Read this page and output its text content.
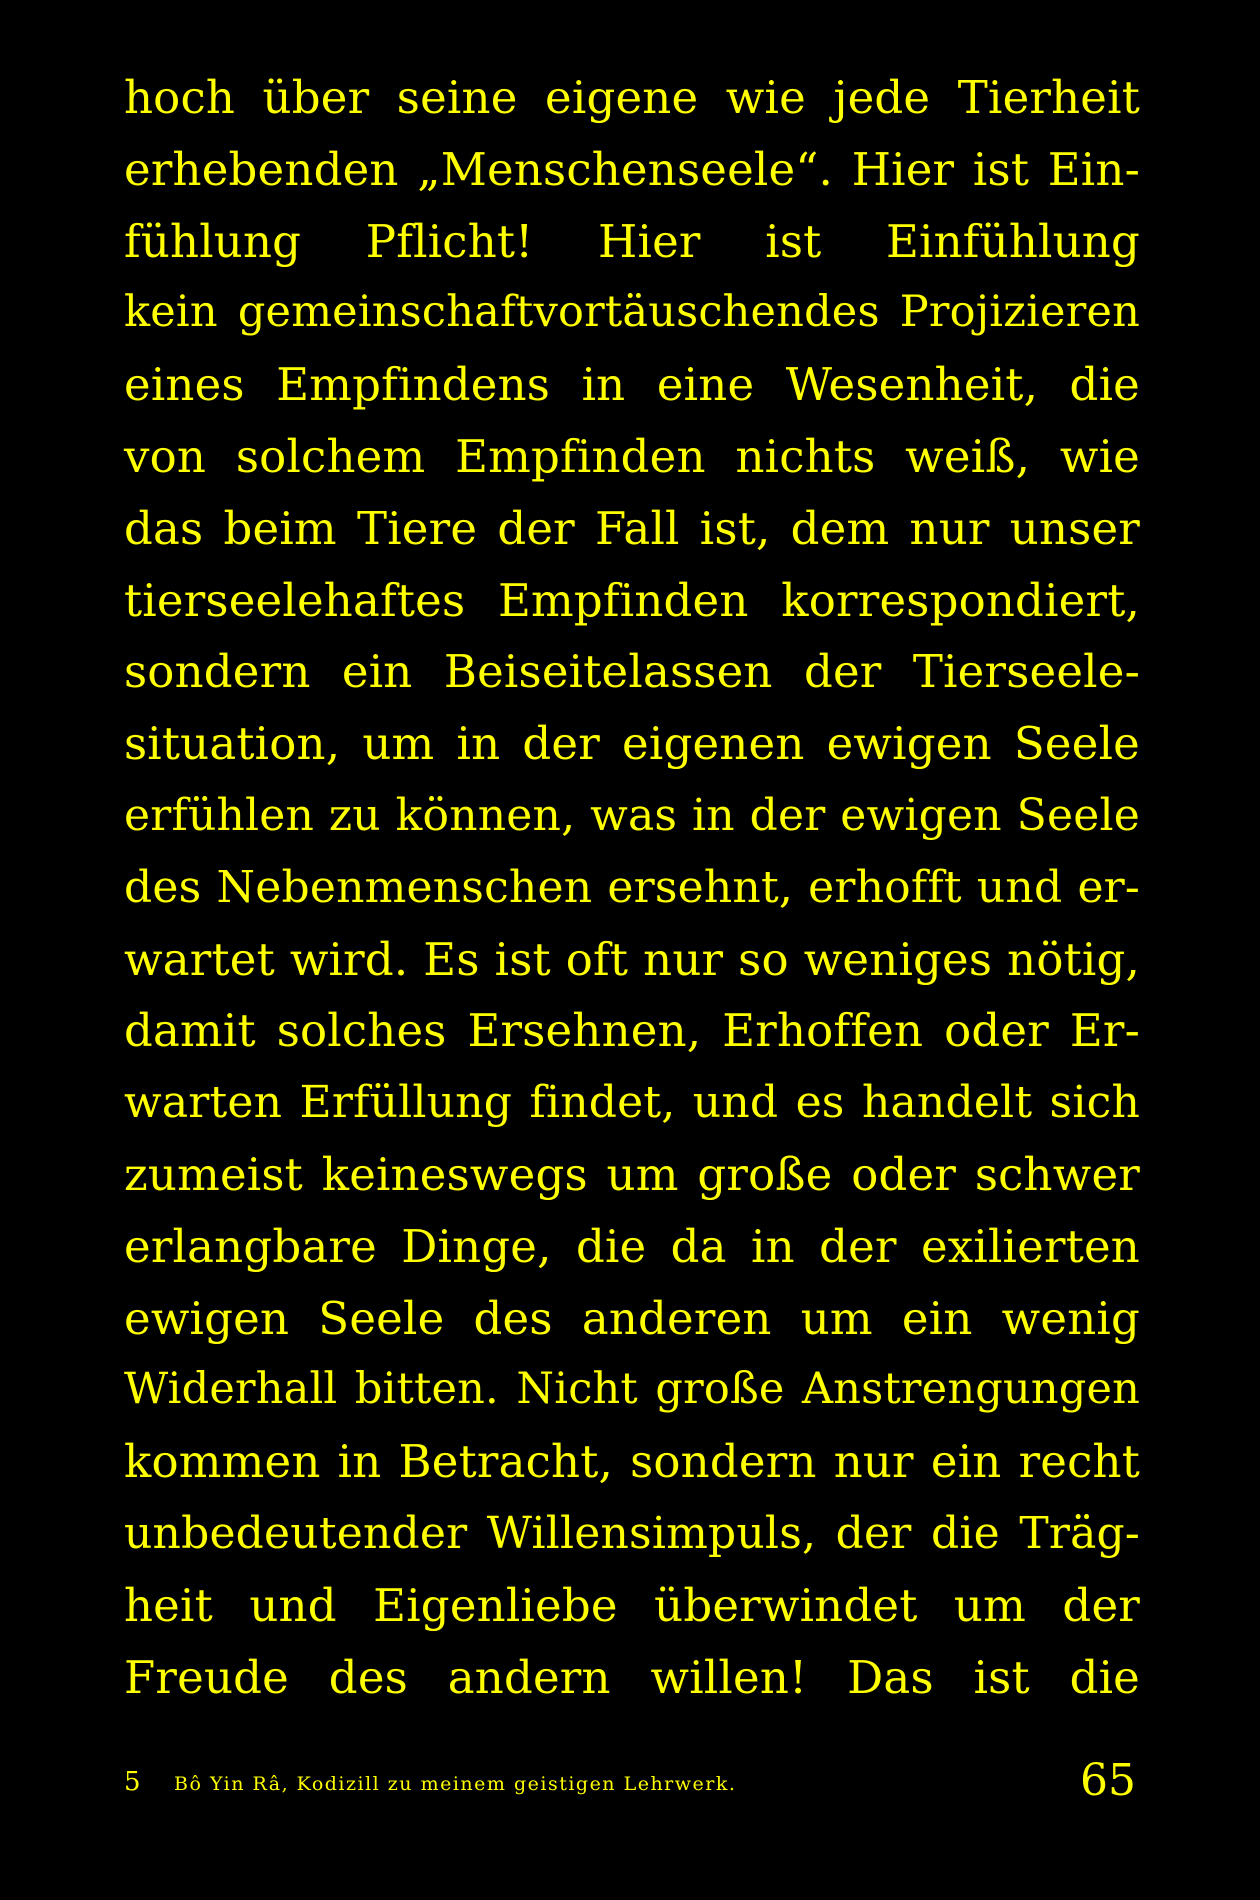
hoch über seine eigene wie jede Tierheit
erhebenden „Menschenseele“. Hier ist Ein-
fühlung Pflicht! Hier ist Einfühlung
kein gemeinschaftvortäuschendes Projizieren
eines Empfindens in eine Wesenheit, die
von solchem Empfinden nichts weiß, wie
das beim Tiere der Fall ist, dem nur unser
tierseelehaftes Empfinden korrespondiert,
sondern ein Beiseitelassen der Tierseele-
situation, um in der eigenen ewigen Seele
erfühlen zu können, was in der ewigen Seele
des Nebenmenschen ersehnt, erhofft und er-
wartet wird. Es ist oft nur so weniges nötig,
damit solches Ersehnen, Erhoffen oder Er-
warten Erfüllung findet, und es handelt sich
zumeist keineswegs um große oder schwer
erlangbare Dinge, die da in der exilierten
ewigen Seele des anderen um ein wenig
Widerhall bitten. Nicht große Anstrengungen
kommen in Betracht, sondern nur ein recht
unbedeutender Willensimpuls, der die Träg-
heit und Eigenliebe überwindet um der
Freude des andern willen! Das ist die
5 Bô Yin Râ, Kodizill zu meinem geistigen Lehrwerk.	65
